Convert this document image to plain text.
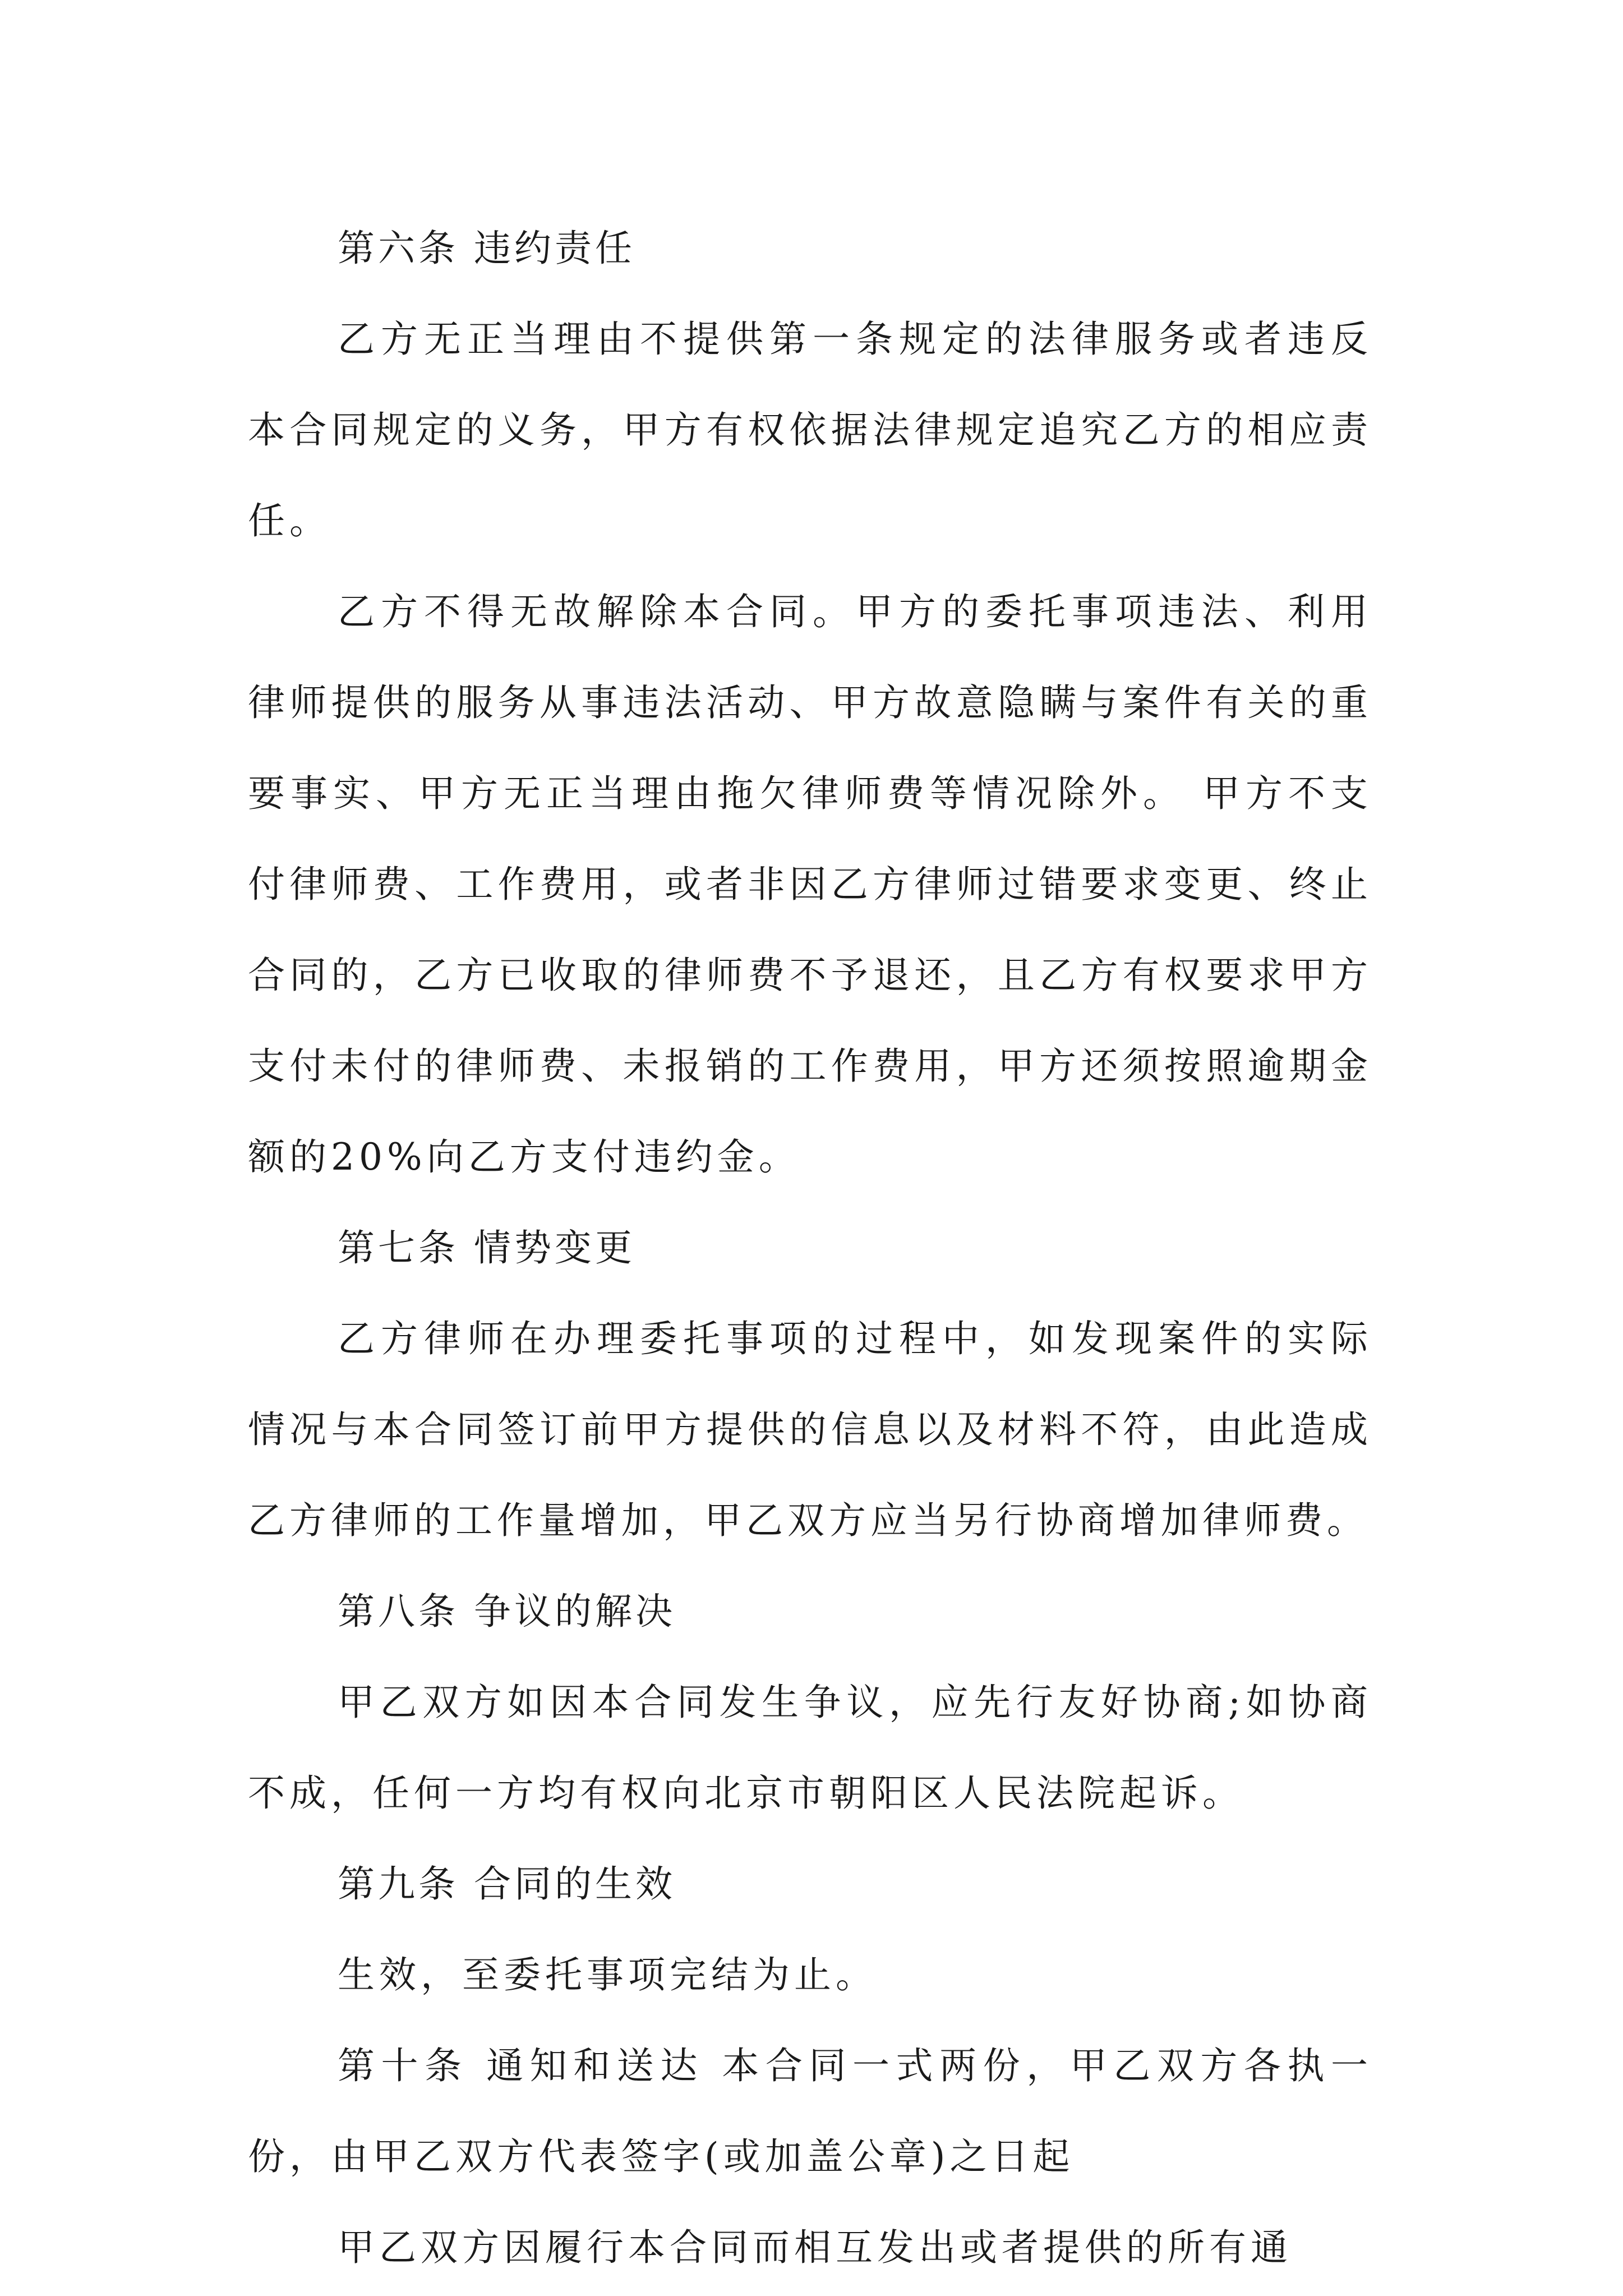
第六条 违约责任

乙方无正当理由不提供第一条规定的法律服务或者违反本合同规定的义务，甲方有权依据法律规定追究乙方的相应责任。

乙方不得无故解除本合同。甲方的委托事项违法、利用律师提供的服务从事违法活动、甲方故意隐瞒与案件有关的重要事实、甲方无正当理由拖欠律师费等情况除外。 甲方不支付律师费、工作费用，或者非因乙方律师过错要求变更、终止合同的，乙方已收取的律师费不予退还，且乙方有权要求甲方支付未付的律师费、未报销的工作费用，甲方还须按照逾期金额的20%向乙方支付违约金。

第七条 情势变更

乙方律师在办理委托事项的过程中，如发现案件的实际情况与本合同签订前甲方提供的信息以及材料不符，由此造成乙方律师的工作量增加，甲乙双方应当另行协商增加律师费。

第八条 争议的解决

甲乙双方如因本合同发生争议，应先行友好协商;如协商不成，任何一方均有权向北京市朝阳区人民法院起诉。

第九条 合同的生效

生效，至委托事项完结为止。

第十条 通知和送达 本合同一式两份，甲乙双方各执一份，由甲乙双方代表签字(或加盖公章)之日起

甲乙双方因履行本合同而相互发出或者提供的所有通
